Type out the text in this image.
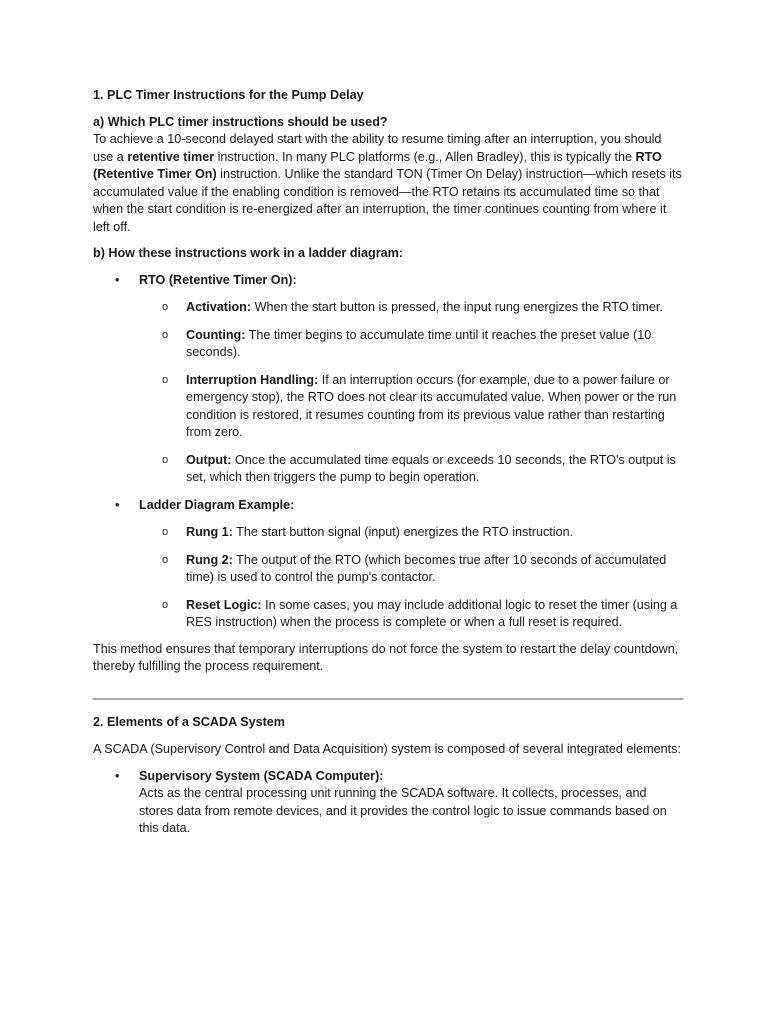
1. PLC Timer Instructions for the Pump Delay
a) Which PLC timer instructions should be used?

To achieve a 10-second delayed start with the ability to resume timing after an interruption, you should use a retentive timer instruction. In many PLC platforms (e.g., Allen Bradley), this is typically the RTO (Retentive Timer On) instruction. Unlike the standard TON (Timer On Delay) instruction—which resets its accumulated value if the enabling condition is removed—the RTO retains its accumulated time so that when the start condition is re-energized after an interruption, the timer continues counting from where it left off.

b) How these instructions work in a ladder diagram:
• RTO (Retentive Timer On):
o Activation: When the start button is pressed, the input rung energizes the RTO timer.
o Counting: The timer begins to accumulate time until it reaches the preset value (10 seconds).
o Interruption Handling: If an interruption occurs (for example, due to a power failure or emergency stop), the RTO does not clear its accumulated value. When power or the run condition is restored, it resumes counting from its previous value rather than restarting from zero.
o Output: Once the accumulated time equals or exceeds 10 seconds, the RTO's output is set, which then triggers the pump to begin operation.
• Ladder Diagram Example:
o Rung 1: The start button signal (input) energizes the RTO instruction.
o Rung 2: The output of the RTO (which becomes true after 10 seconds of accumulated time) is used to control the pump's contactor.
o Reset Logic: In some cases, you may include additional logic to reset the timer (using a RES instruction) when the process is complete or when a full reset is required.

This method ensures that temporary interruptions do not force the system to restart the delay countdown, thereby fulfilling the process requirement.

2. Elements of a SCADA System

A SCADA (Supervisory Control and Data Acquisition) system is composed of several integrated elements:

• Supervisory System (SCADA Computer):
Acts as the central processing unit running the SCADA software. It collects, processes, and stores data from remote devices, and it provides the control logic to issue commands based on this data.
